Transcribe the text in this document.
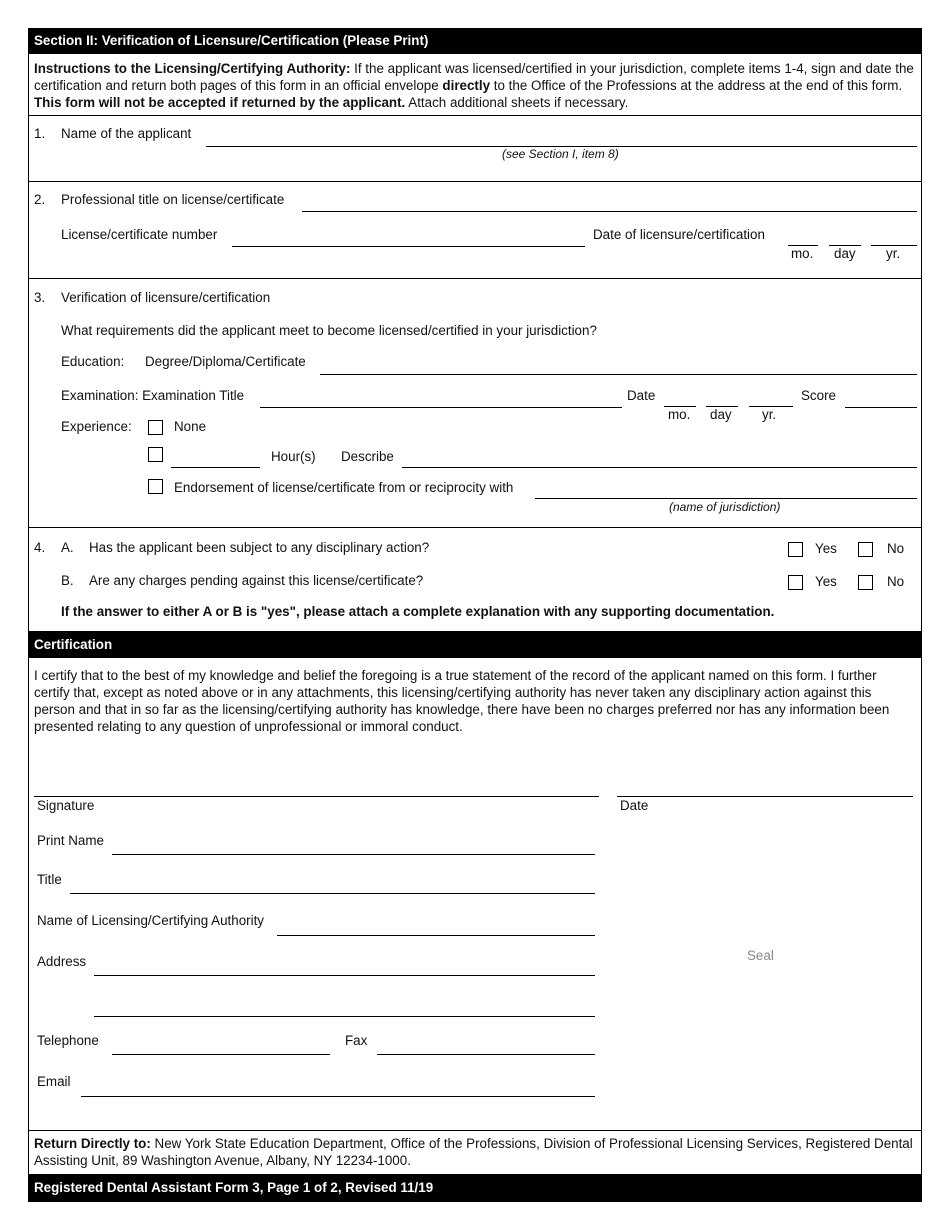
Section II: Verification of Licensure/Certification (Please Print)
Instructions to the Licensing/Certifying Authority: If the applicant was licensed/certified in your jurisdiction, complete items 1-4, sign and date the certification and return both pages of this form in an official envelope directly to the Office of the Professions at the address at the end of this form. This form will not be accepted if returned by the applicant. Attach additional sheets if necessary.
1. Name of the applicant
(see Section I, item 8)
2. Professional title on license/certificate
License/certificate number	Date of licensure/certification
mo. day yr.
3. Verification of licensure/certification
What requirements did the applicant meet to become licensed/certified in your jurisdiction?
Education: Degree/Diploma/Certificate
Examination: Examination Title	Date
mo. day yr.
Score
Experience:	None
Hour(s) Describe
Endorsement of license/certificate from or reciprocity with
(name of jurisdiction)
4. A. Has the applicant been subject to any disciplinary action?	Yes	No
B. Are any charges pending against this license/certificate?	Yes	No
If the answer to either A or B is "yes", please attach a complete explanation with any supporting documentation.
Certification
I certify that to the best of my knowledge and belief the foregoing is a true statement of the record of the applicant named on this form. I further certify that, except as noted above or in any attachments, this licensing/certifying authority has never taken any disciplinary action against this person and that in so far as the licensing/certifying authority has knowledge, there have been no charges preferred nor has any information been presented relating to any question of unprofessional or immoral conduct.
Signature	Date
Print Name
Title
Name of Licensing/Certifying Authority
Address	Seal
Telephone	Fax
Email
Return Directly to: New York State Education Department, Office of the Professions, Division of Professional Licensing Services, Registered Dental Assisting Unit, 89 Washington Avenue, Albany, NY 12234-1000.
Registered Dental Assistant Form 3, Page 1 of 2, Revised 11/19
